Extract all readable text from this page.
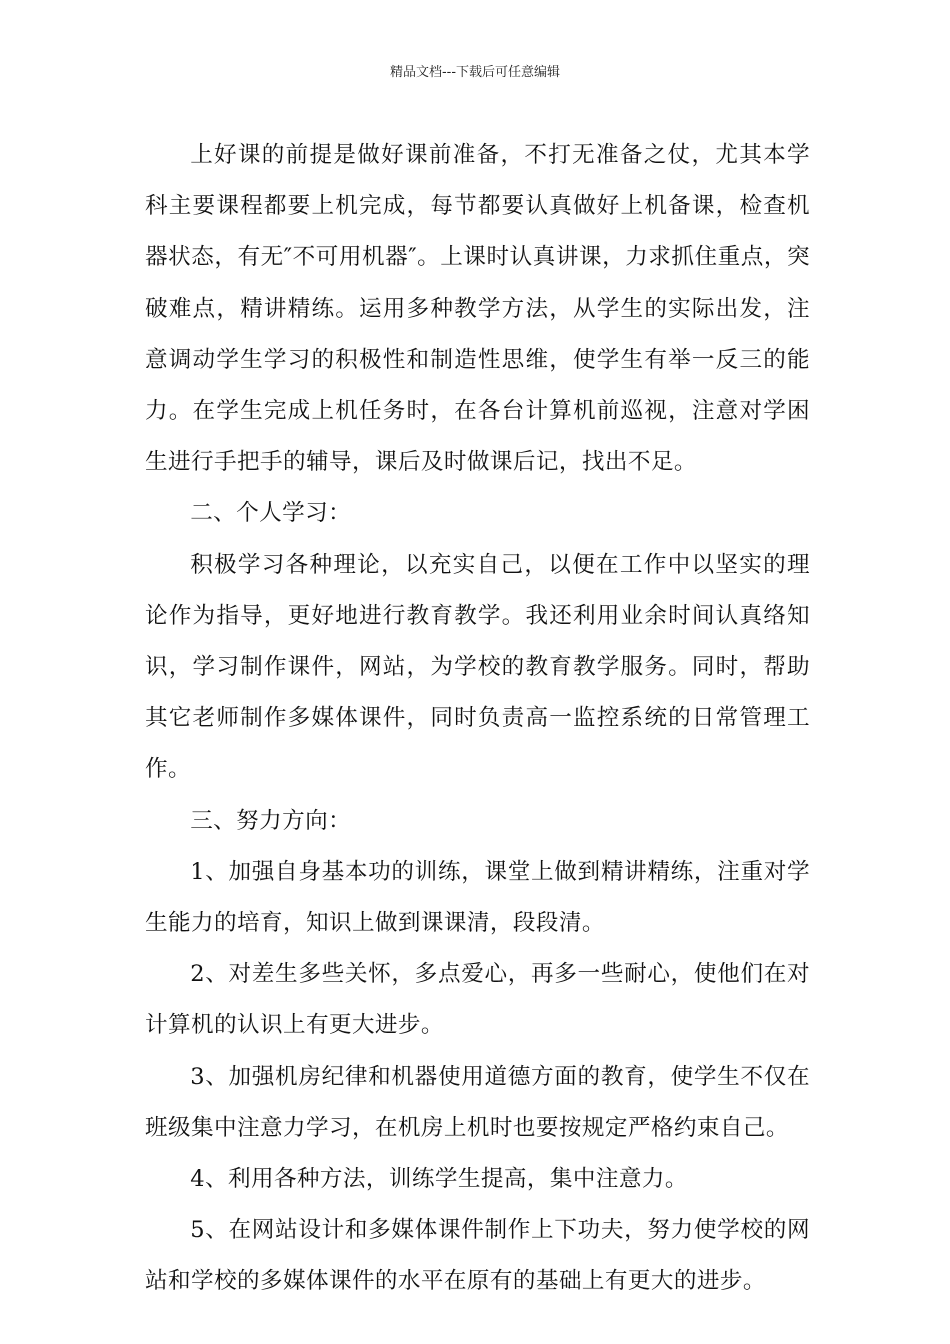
精品文档---下载后可任意编辑

上好课的前提是做好课前准备，不打无准备之仗，尤其本学科主要课程都要上机完成，每节都要认真做好上机备课，检查机器状态，有无″不可用机器″。上课时认真讲课，力求抓住重点，突破难点，精讲精练。运用多种教学方法，从学生的实际出发，注意调动学生学习的积极性和制造性思维，使学生有举一反三的能力。在学生完成上机任务时，在各台计算机前巡视，注意对学困生进行手把手的辅导，课后及时做课后记，找出不足。

二、个人学习：

积极学习各种理论，以充实自己，以便在工作中以坚实的理论作为指导，更好地进行教育教学。我还利用业余时间认真络知识，学习制作课件，网站，为学校的教育教学服务。同时，帮助其它老师制作多媒体课件，同时负责高一监控系统的日常管理工作。

三、努力方向：

1、加强自身基本功的训练，课堂上做到精讲精练，注重对学生能力的培育，知识上做到课课清，段段清。

2、对差生多些关怀，多点爱心，再多一些耐心，使他们在对计算机的认识上有更大进步。

3、加强机房纪律和机器使用道德方面的教育，使学生不仅在班级集中注意力学习，在机房上机时也要按规定严格约束自己。

4、利用各种方法，训练学生提高，集中注意力。

5、在网站设计和多媒体课件制作上下功夫，努力使学校的网站和学校的多媒体课件的水平在原有的基础上有更大的进步。
